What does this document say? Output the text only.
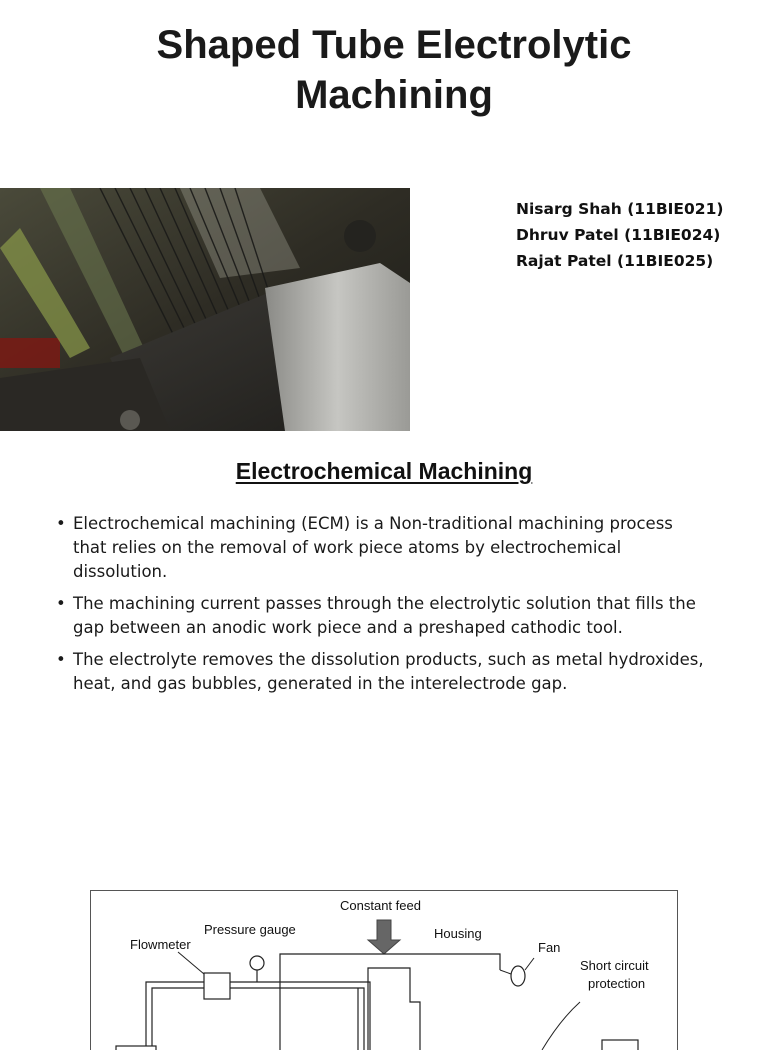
Shaped Tube Electrolytic
Machining
Nisarg Shah (11BIE021)
Dhruv Patel (11BIE024)
Rajat Patel (11BIE025)
Electrochemical Machining
• Electrochemical machining (ECM) is a Non-traditional machining process that relies on the removal of work piece atoms by electrochemical dissolution.
• The machining current passes through the electrolytic solution that fills the gap between an anodic work piece and a preshaped cathodic tool.
• The electrolyte removes the dissolution products, such as metal hydroxides, heat, and gas bubbles, generated in the interelectrode gap.
Constant feed
Pressure gauge	Housing
Flowmeter	Fan
Short circuit
protection
